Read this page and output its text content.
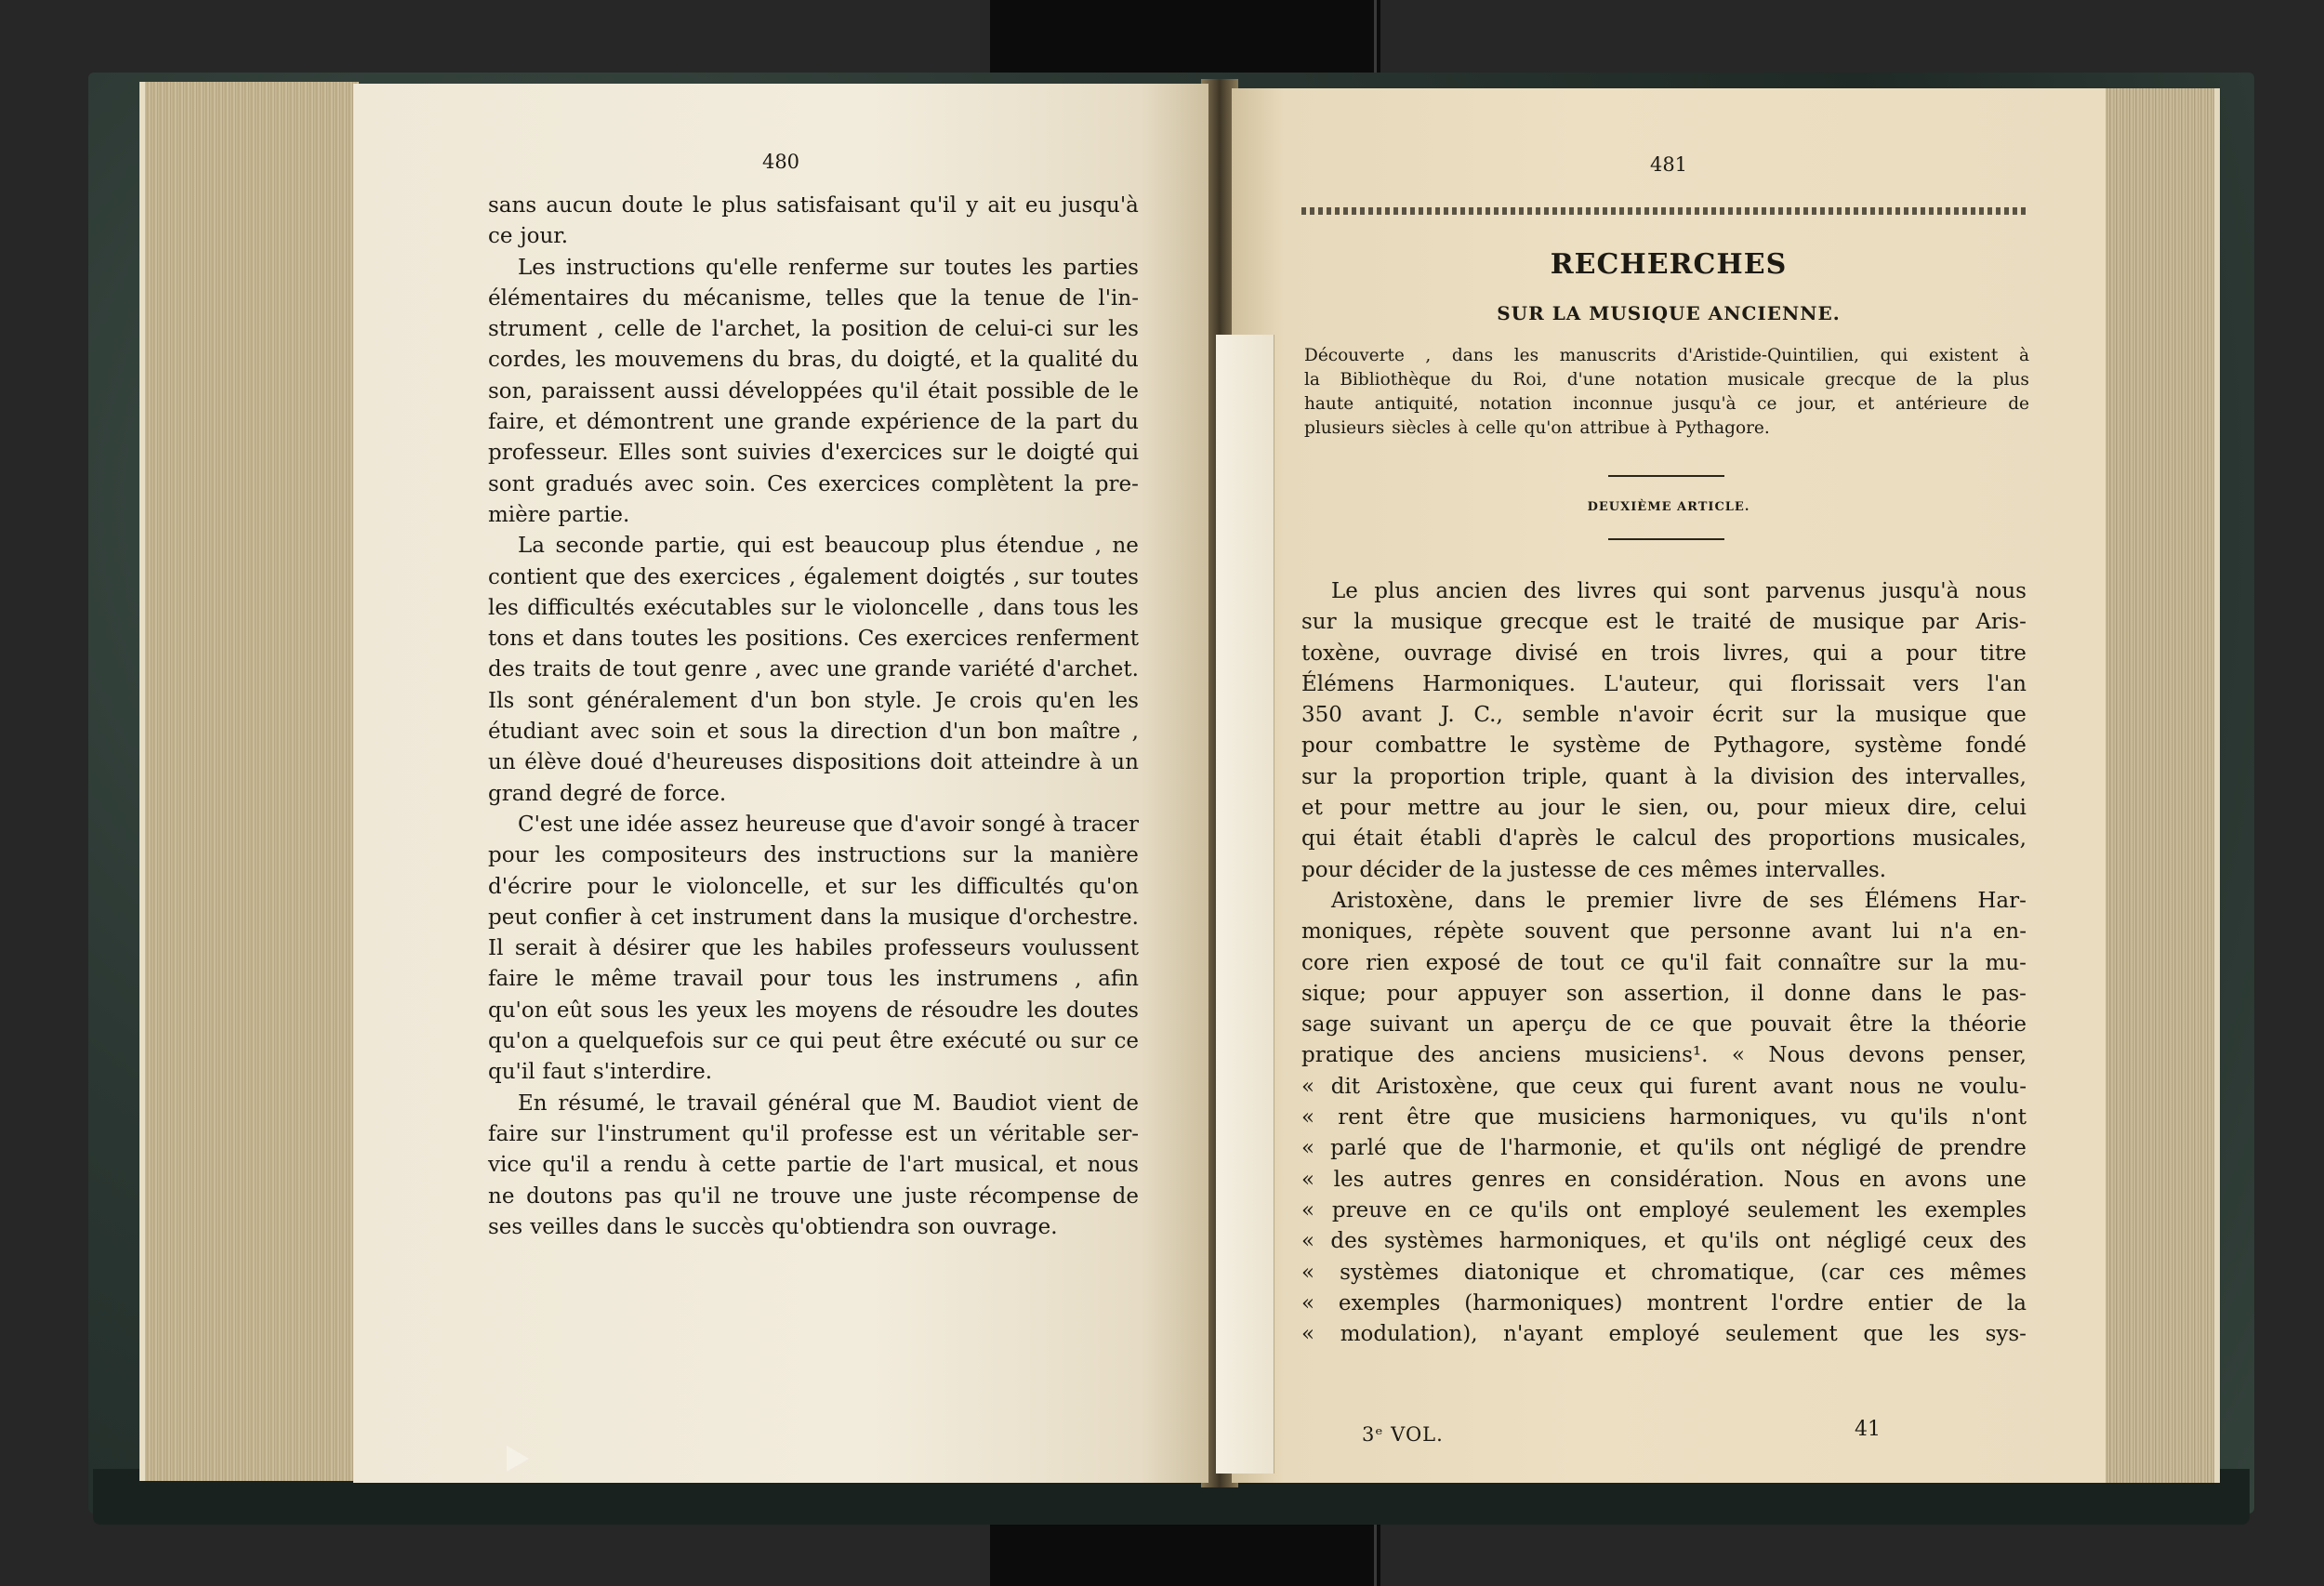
480
sans aucun doute le plus satisfaisant qu'il y ait eu jusqu'à
ce jour.
Les instructions qu'elle renferme sur toutes les parties
élémentaires du mécanisme, telles que la tenue de l'in-
strument , celle de l'archet, la position de celui-ci sur les
cordes, les mouvemens du bras, du doigté, et la qualité du
son, paraissent aussi développées qu'il était possible de le
faire, et démontrent une grande expérience de la part du
professeur. Elles sont suivies d'exercices sur le doigté qui
sont gradués avec soin. Ces exercices complètent la pre-
mière partie.
La seconde partie, qui est beaucoup plus étendue , ne
contient que des exercices , également doigtés , sur toutes
les difficultés exécutables sur le violoncelle , dans tous les
tons et dans toutes les positions. Ces exercices renferment
des traits de tout genre , avec une grande variété d'archet.
Ils sont généralement d'un bon style. Je crois qu'en les
étudiant avec soin et sous la direction d'un bon maître ,
un élève doué d'heureuses dispositions doit atteindre à un
grand degré de force.
C'est une idée assez heureuse que d'avoir songé à tracer
pour les compositeurs des instructions sur la manière
d'écrire pour le violoncelle, et sur les difficultés qu'on
peut confier à cet instrument dans la musique d'orchestre.
Il serait à désirer que les habiles professeurs voulussent
faire le même travail pour tous les instrumens , afin
qu'on eût sous les yeux les moyens de résoudre les doutes
qu'on a quelquefois sur ce qui peut être exécuté ou sur ce
qu'il faut s'interdire.
En résumé, le travail général que M. Baudiot vient de
faire sur l'instrument qu'il professe est un véritable ser-
vice qu'il a rendu à cette partie de l'art musical, et nous
ne doutons pas qu'il ne trouve une juste récompense de
ses veilles dans le succès qu'obtiendra son ouvrage.
481
RECHERCHES
SUR LA MUSIQUE ANCIENNE.
Découverte , dans les manuscrits d'Aristide-Quintilien, qui existent à
la Bibliothèque du Roi, d'une notation musicale grecque de la plus
haute antiquité, notation inconnue jusqu'à ce jour, et antérieure de
plusieurs siècles à celle qu'on attribue à Pythagore.
DEUXIÈME ARTICLE.
Le plus ancien des livres qui sont parvenus jusqu'à nous
sur la musique grecque est le traité de musique par Aris-
toxène, ouvrage divisé en trois livres, qui a pour titre
Élémens Harmoniques. L'auteur, qui florissait vers l'an
350 avant J. C., semble n'avoir écrit sur la musique que
pour combattre le système de Pythagore, système fondé
sur la proportion triple, quant à la division des intervalles,
et pour mettre au jour le sien, ou, pour mieux dire, celui
qui était établi d'après le calcul des proportions musicales,
pour décider de la justesse de ces mêmes intervalles.
Aristoxène, dans le premier livre de ses Élémens Har-
moniques, répète souvent que personne avant lui n'a en-
core rien exposé de tout ce qu'il fait connaître sur la mu-
sique; pour appuyer son assertion, il donne dans le pas-
sage suivant un aperçu de ce que pouvait être la théorie
pratique des anciens musiciens¹. « Nous devons penser,
« dit Aristoxène, que ceux qui furent avant nous ne voulu-
« rent être que musiciens harmoniques, vu qu'ils n'ont
« parlé que de l'harmonie, et qu'ils ont négligé de prendre
« les autres genres en considération. Nous en avons une
« preuve en ce qu'ils ont employé seulement les exemples
« des systèmes harmoniques, et qu'ils ont négligé ceux des
« systèmes diatonique et chromatique, (car ces mêmes
« exemples (harmoniques) montrent l'ordre entier de la
« modulation), n'ayant employé seulement que les sys-
3ᵉ VOL.	41
